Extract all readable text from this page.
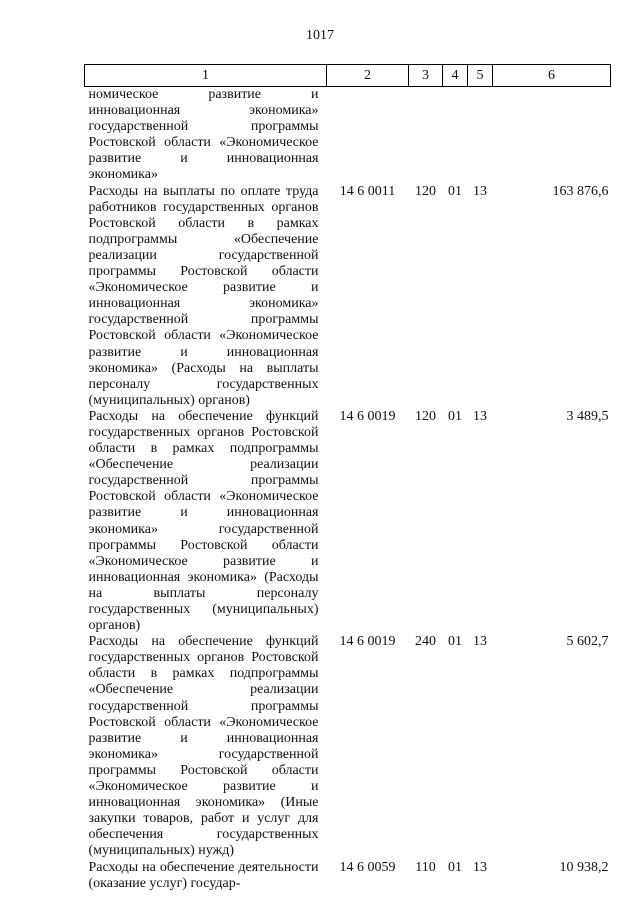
1017
1	2	3	4	5	6
номическое развитие и инновационная экономика» государственной программы Ростовской области «Экономическое развитие и инновационная экономика»					
Расходы на выплаты по оплате труда работников государственных органов Ростовской области в рамках подпрограммы «Обеспечение реализации государственной программы Ростовской области «Экономическое развитие и инновационная экономика» государственной программы Ростовской области «Экономическое развитие и инновационная экономика» (Расходы на выплаты персоналу государственных (муниципальных) органов)	14 6 0011	120	01	13	163 876,6
Расходы на обеспечение функций государственных органов Ростовской области в рамках подпрограммы «Обеспечение реализации государственной программы Ростовской области «Экономическое развитие и инновационная экономика» государственной программы Ростовской области «Экономическое развитие и инновационная экономика» (Расходы на выплаты персоналу государственных (муниципальных) органов)	14 6 0019	120	01	13	3 489,5
Расходы на обеспечение функций государственных органов Ростовской области в рамках подпрограммы «Обеспечение реализации государственной программы Ростовской области «Экономическое развитие и инновационная экономика» государственной программы Ростовской области «Экономическое развитие и инновационная экономика» (Иные закупки товаров, работ и услуг для обеспечения государственных (муниципальных) нужд)	14 6 0019	240	01	13	5 602,7
Расходы на обеспечение деятельности (оказание услуг) государ-	14 6 0059	110	01	13	10 938,2
